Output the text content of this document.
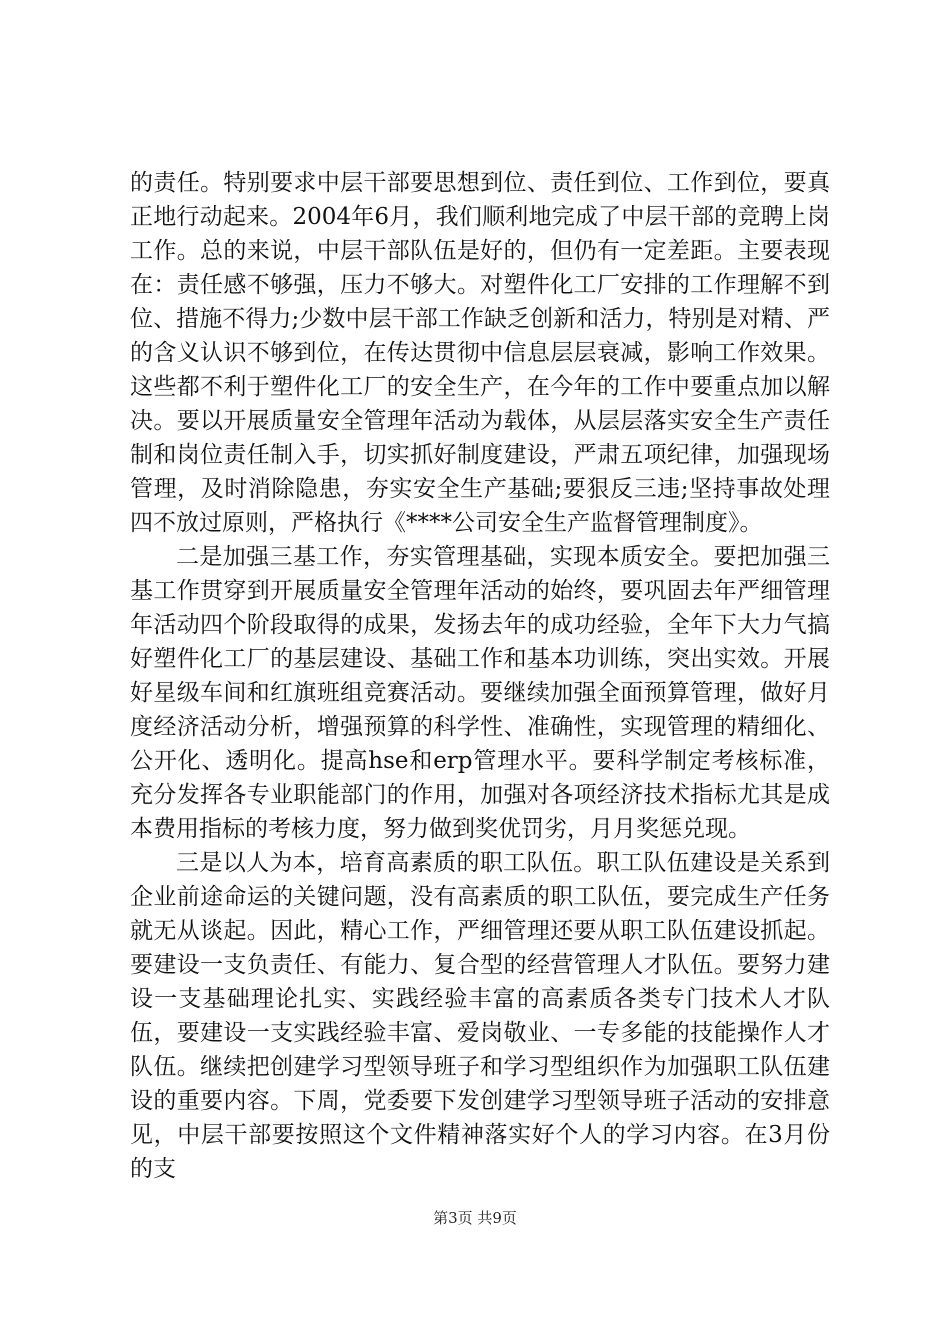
的责任。特别要求中层干部要思想到位、责任到位、工作到位，要真正地行动起来。2004年6月，我们顺利地完成了中层干部的竞聘上岗工作。总的来说，中层干部队伍是好的，但仍有一定差距。主要表现在：责任感不够强，压力不够大。对塑件化工厂安排的工作理解不到位、措施不得力;少数中层干部工作缺乏创新和活力，特别是对精、严的含义认识不够到位，在传达贯彻中信息层层衰减，影响工作效果。这些都不利于塑件化工厂的安全生产，在今年的工作中要重点加以解决。要以开展质量安全管理年活动为载体，从层层落实安全生产责任制和岗位责任制入手，切实抓好制度建设，严肃五项纪律，加强现场管理，及时消除隐患，夯实安全生产基础;要狠反三违;坚持事故处理四不放过原则，严格执行《****公司安全生产监督管理制度》。

二是加强三基工作，夯实管理基础，实现本质安全。要把加强三基工作贯穿到开展质量安全管理年活动的始终，要巩固去年严细管理年活动四个阶段取得的成果，发扬去年的成功经验，全年下大力气搞好塑件化工厂的基层建设、基础工作和基本功训练，突出实效。开展好星级车间和红旗班组竞赛活动。要继续加强全面预算管理，做好月度经济活动分析，增强预算的科学性、准确性，实现管理的精细化、公开化、透明化。提高hse和erp管理水平。要科学制定考核标准，充分发挥各专业职能部门的作用，加强对各项经济技术指标尤其是成本费用指标的考核力度，努力做到奖优罚劣，月月奖惩兑现。

三是以人为本，培育高素质的职工队伍。职工队伍建设是关系到企业前途命运的关键问题，没有高素质的职工队伍，要完成生产任务就无从谈起。因此，精心工作，严细管理还要从职工队伍建设抓起。要建设一支负责任、有能力、复合型的经营管理人才队伍。要努力建设一支基础理论扎实、实践经验丰富的高素质各类专门技术人才队伍，要建设一支实践经验丰富、爱岗敬业、一专多能的技能操作人才队伍。继续把创建学习型领导班子和学习型组织作为加强职工队伍建设的重要内容。下周，党委要下发创建学习型领导班子活动的安排意见，中层干部要按照这个文件精神落实好个人的学习内容。在3月份的支

第3页 共9页
